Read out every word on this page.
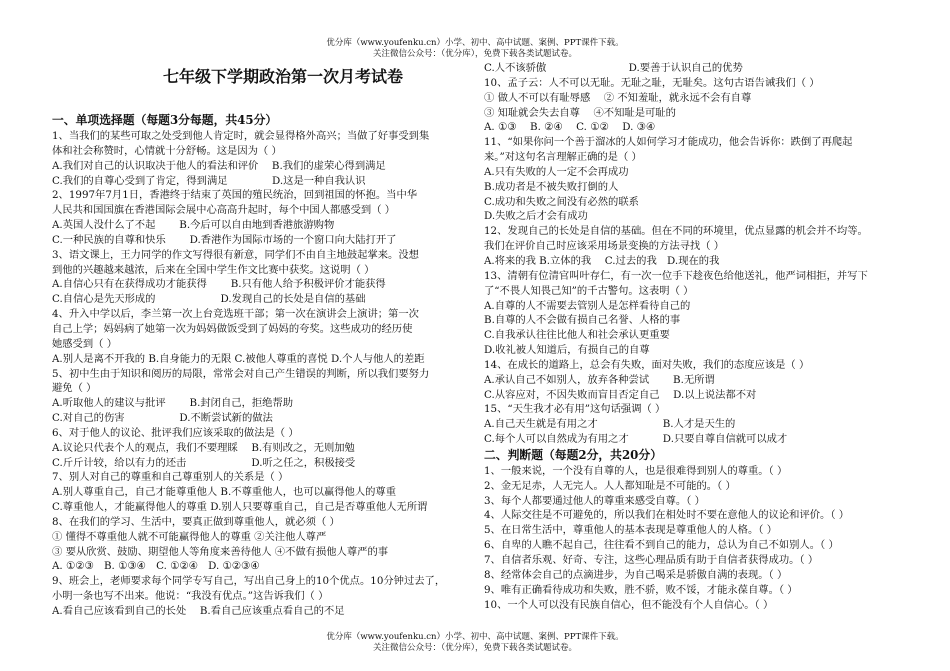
优分库（www.youfenku.cn）小学、初中、高中试题、案例、PPT课件下载。
关注微信公众号：（优分库），免费下载各类试题试卷。
七年级下学期政治第一次月考试卷
一、单项选择题（每题3分每题，共45分）
1、当我们的某些可取之处受到他人肯定时，就会显得格外高兴；当做了好事受到集
体和社会称赞时，心情就十分舒畅。这是因为（ ）
A.我们对自己的认识取决于他人的看法和评价　 B.我们的虚荣心得到满足
C.我们的自尊心受到了肯定，得到满足　　　　 D.这是一种自我认识
2、1997年7月1日，香港终于结束了英国的殖民统治，回到祖国的怀抱。当中华
人民共和国国旗在香港国际会展中心高高升起时，每个中国人都感受到（ ）
A.英国人没什么了不起　　 B.今后可以自由地到香港旅游购物
C.一种民族的自尊和快乐　　 D.香港作为国际市场的一个窗口向大陆打开了
3、语文课上，王力同学的作文写得很有新意，同学们不由自主地鼓起掌来。没想
到他的兴趣越来越浓，后来在全国中学生作文比赛中获奖。这说明（ ）
A.自信心只有在获得成功才能获得　　 B.只有他人给予积极评价才能获得
C.自信心是先天形成的　　　　　　 D.发现自己的长处是自信的基础
4、升入中学以后，李兰第一次上台竞选班干部；第一次在演讲会上演讲；第一次
自己上学；妈妈病了她第一次为妈妈做饭受到了妈妈的夸奖。这些成功的经历使
她感受到（ ）
A.别人是离不开我的 B.自身能力的无限 C.被他人尊重的喜悦 D.个人与他人的差距
5、初中生由于知识和阅历的局限，常常会对自己产生错误的判断，所以我们要努力
避免（ ）
A.听取他人的建议与批评　　 B.封闭自己，拒绝帮助
C.对自己的伤害　　　　　 D.不断尝试新的做法
6、对于他人的议论、批评我们应该采取的做法是（ ）
A.议论只代表个人的观点，我们不要理睬　 B.有则改之，无则加勉
C.斤斤计较，给以有力的还击　　　　　　 D.听之任之，积极接受
7、别人对自己的尊重和自己尊重别人的关系是（ ）
A.别人尊重自己，自己才能尊重他人 B.不尊重他人，也可以赢得他人的尊重
C.尊重他人，才能赢得他人的尊重 D.别人只要尊重自己，自己是否尊重他人无所谓
8、在我们的学习、生活中，要真正做到尊重他人，就必须（ ）
① 懂得不尊重他人就不可能赢得他人的尊重 ②关注他人尊严
③ 要从欣赏、鼓励、期望他人等角度来善待他人 ④不做有损他人尊严的事
A. ①②③　B. ①③④　C. ①②④　D. ①②③④
9、班会上，老师要求每个同学专写自己，写出自己身上的10个优点。10分钟过去了，
小明一条也写不出来。他说：“我没有优点。”这告诉我们（ ）
A.看自己应该看到自己的长处　 B.看自己应该重点看自己的不足
C.人不该骄傲　　　　　　　　D.要善于认识自己的优势
10、孟子云：人不可以无耻。无耻之耻，无耻矣。这句古语告诫我们（ ）
① 做人不可以有耻辱感　 ② 不知羞耻，就永远不会有自尊
③ 知耻就会失去自尊　 ④不知耻是可耻的
A. ①③　 B. ②④　 C. ①②　 D. ③④
11、“如果你问一个善于溜冰的人如何学习才能成功，他会告诉你：跌倒了再爬起
来。”对这句名言理解正确的是（ ）
A.只有失败的人一定不会再成功
B.成功者是不被失败打倒的人
C.成功和失败之间没有必然的联系
D.失败之后才会有成功
12、发现自己的长处是自信的基础。但在不同的环境里，优点显露的机会并不均等。
我们在评价自己时应该采用场景变换的方法寻找（ ）
A.将来的我 B.立体的我　 C.过去的我　D.现在的我
13、清朝有位清官叫叶存仁，有一次一位手下趁夜色给他送礼，他严词相拒，并写下
了“不畏人知畏己知”的千古警句。这表明（ ）
A.自尊的人不需要去管别人是怎样看待自己的
B.自尊的人不会做有损自己名誉、人格的事
C.自我承认往往比他人和社会承认更重要
D.收礼被人知道后，有损自己的自尊
14、在成长的道路上，总会有失败，面对失败，我们的态度应该是（ ）
A.承认自己不如别人，放弃各种尝试　　 B.无所谓
C.从容应对，不因失败而盲目否定自己　 D.以上说法都不对
15、“天生我才必有用”这句话强调（ ）
A.自己天生就是有用之才　　　　　　 B.人才是天生的
C.每个人可以自然成为有用之才　　　 D.只要自尊自信就可以成才
二、判断题（每题2分，共20分）
1、一般来说，一个没有自尊的人，也是很难得到别人的尊重。（ ）
2、金无足赤，人无完人。人人都知耻是不可能的。（ ）
3、每个人都要通过他人的尊重来感受自尊。（ ）
4、人际交往是不可避免的，所以我们在相处时不要在意他人的议论和评价。（ ）
5、在日常生活中，尊重他人的基本表现是尊重他人的人格。（ ）
6、自卑的人瞧不起自己，往往看不到自己的能力，总认为自己不如别人。（ ）
7、自信者乐观、好奇、专注，这些心理品质有助于自信者获得成功。（ ）
8、经常体会自己的点滴进步，为自己喝采是骄傲自满的表现。（ ）
9、唯有正确看待成功和失败，胜不骄，败不馁，才能永葆自尊。（ ）
10、一个人可以没有民族自信心，但不能没有个人自信心。（ ）
优分库（www.youfenku.cn）小学、初中、高中试题、案例、PPT课件下载。
关注微信公众号：（优分库），免费下载各类试题试卷。
